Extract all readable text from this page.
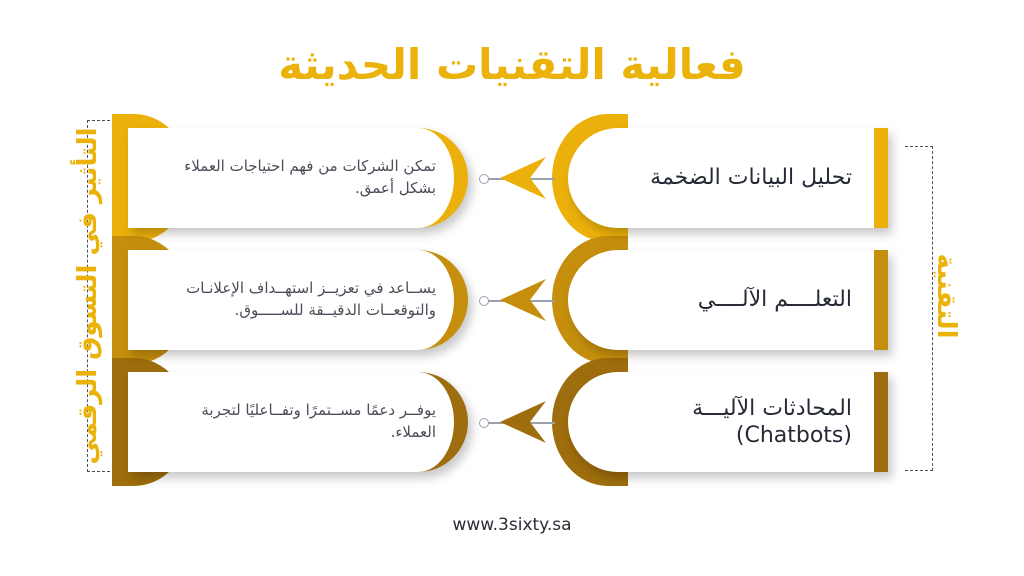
فعالية التقنيات الحديثة
التأثير في التسوق الرقمي	التقنية
تحليل البيانات الضخمة
تمكن الشركات من فهم احتياجات العملاء بشكل أعمق.
التعلــــم الآلــــي
يســاعد في تعزيــز استهــداف الإعلانـات والتوقعــات الدقيــقة للســـــوق.
المحادثات الآليـــة
(Chatbots)
يوفــر دعمًا مســتمرًا وتفــاعليًا لتجربة العملاء.
www.3sixty.sa
